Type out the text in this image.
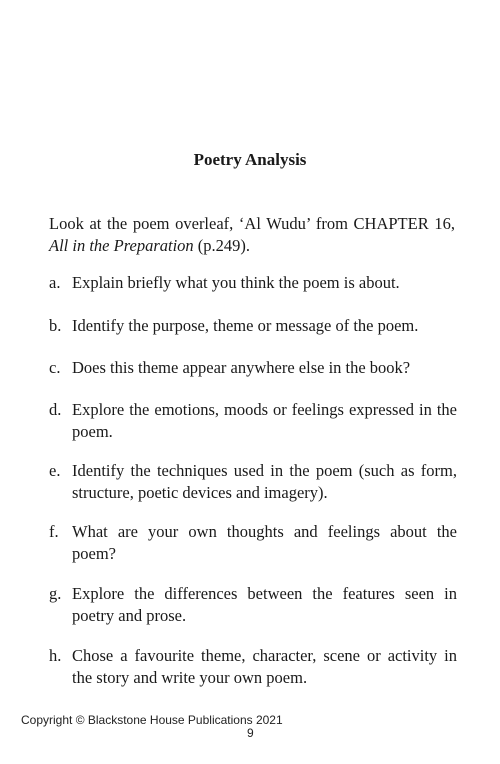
Poetry Analysis

Look at the poem overleaf, ‘Al Wudu’ from CHAPTER 16, All in the Preparation (p.249).

a. Explain briefly what you think the poem is about.
b. Identify the purpose, theme or message of the poem.
c. Does this theme appear anywhere else in the book?
d. Explore the emotions, moods or feelings expressed in the poem.
e. Identify the techniques used in the poem (such as form, structure, poetic devices and imagery).
f. What are your own thoughts and feelings about the poem?
g. Explore the differences between the features seen in poetry and prose.
h. Chose a favourite theme, character, scene or activity in the story and write your own poem.
Copyright © Blackstone House Publications 2021
9
